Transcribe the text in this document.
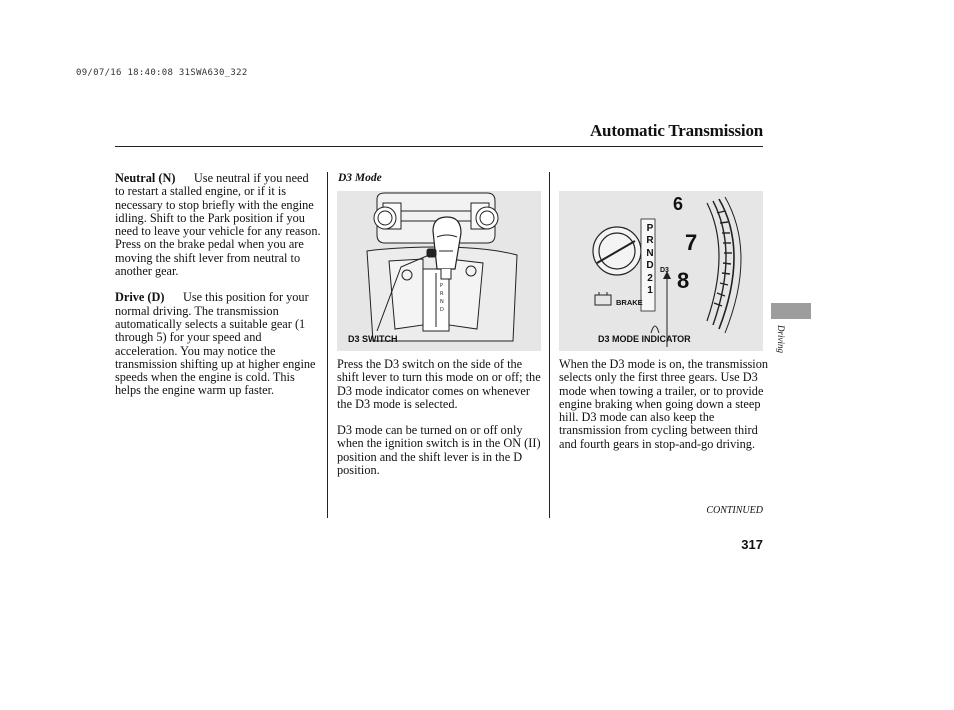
09/07/16 18:40:08 31SWA630_322
Automatic Transmission

Neutral (N) Use neutral if you need to restart a stalled engine, or if it is necessary to stop briefly with the engine idling. Shift to the Park position if you need to leave your vehicle for any reason. Press on the brake pedal when you are moving the shift lever from neutral to another gear.

Drive (D) Use this position for your normal driving. The transmission automatically selects a suitable gear (1 through 5) for your speed and acceleration. You may notice the transmission shifting up at higher engine speeds when the engine is cold. This helps the engine warm up faster.

D3 Mode
P
R
N
D
D3 SWITCH

Press the D3 switch on the side of the shift lever to turn this mode on or off; the D3 mode indicator comes on whenever the D3 mode is selected.

D3 mode can be turned on or off only when the ignition switch is in the ON (II) position and the shift lever is in the D position.

P
R
N
D
2
1
D3
BRAKE
6
7
8
D3 MODE INDICATOR
When the D3 mode is on, the transmission selects only the first three gears. Use D3 mode when towing a trailer, or to provide engine braking when going down a steep hill. D3 mode can also keep the transmission from cycling between third and fourth gears in stop-and-go driving.
Driving
CONTINUED
317
